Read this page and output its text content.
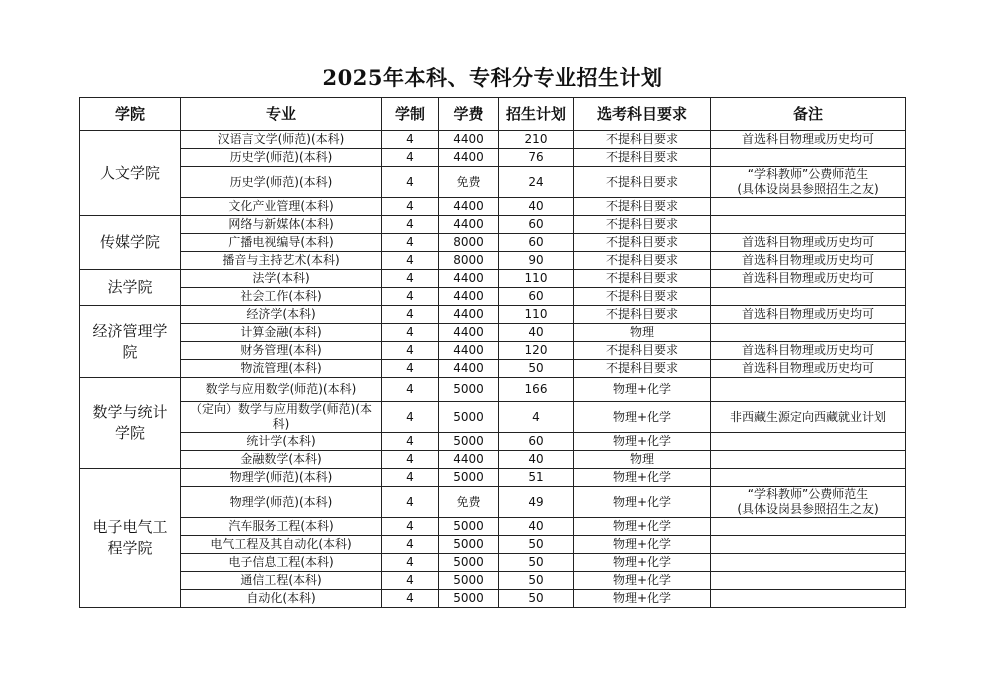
2025年本科、专科分专业招生计划
学院	专业	学制	学费	招生计划	选考科目要求	备注
人文学院	汉语言文学(师范)(本科)	4	4400	210	不提科目要求	首选科目物理或历史均可
	历史学(师范)(本科)	4	4400	76	不提科目要求	
	历史学(师范)(本科)	4	免费	24	不提科目要求	“学科教师”公费师范生
(具体设岗县参照招生之友)
	文化产业管理(本科)	4	4400	40	不提科目要求	
传媒学院	网络与新媒体(本科)	4	4400	60	不提科目要求	
	广播电视编导(本科)	4	8000	60	不提科目要求	首选科目物理或历史均可
	播音与主持艺术(本科)	4	8000	90	不提科目要求	首选科目物理或历史均可
法学院	法学(本科)	4	4400	110	不提科目要求	首选科目物理或历史均可
	社会工作(本科)	4	4400	60	不提科目要求	
经济管理学院	经济学(本科)	4	4400	110	不提科目要求	首选科目物理或历史均可
	计算金融(本科)	4	4400	40	物理	
	财务管理(本科)	4	4400	120	不提科目要求	首选科目物理或历史均可
	物流管理(本科)	4	4400	50	不提科目要求	首选科目物理或历史均可
数学与统计学院	数学与应用数学(师范)(本科)	4	5000	166	物理+化学	
	（定向）数学与应用数学(师范)(本科)	4	5000	4	物理+化学	非西藏生源定向西藏就业计划
	统计学(本科)	4	5000	60	物理+化学	
	金融数学(本科)	4	4400	40	物理	
电子电气工程学院	物理学(师范)(本科)	4	5000	51	物理+化学	
	物理学(师范)(本科)	4	免费	49	物理+化学	“学科教师”公费师范生
(具体设岗县参照招生之友)
	汽车服务工程(本科)	4	5000	40	物理+化学	
	电气工程及其自动化(本科)	4	5000	50	物理+化学	
	电子信息工程(本科)	4	5000	50	物理+化学	
	通信工程(本科)	4	5000	50	物理+化学	
	自动化(本科)	4	5000	50	物理+化学	
